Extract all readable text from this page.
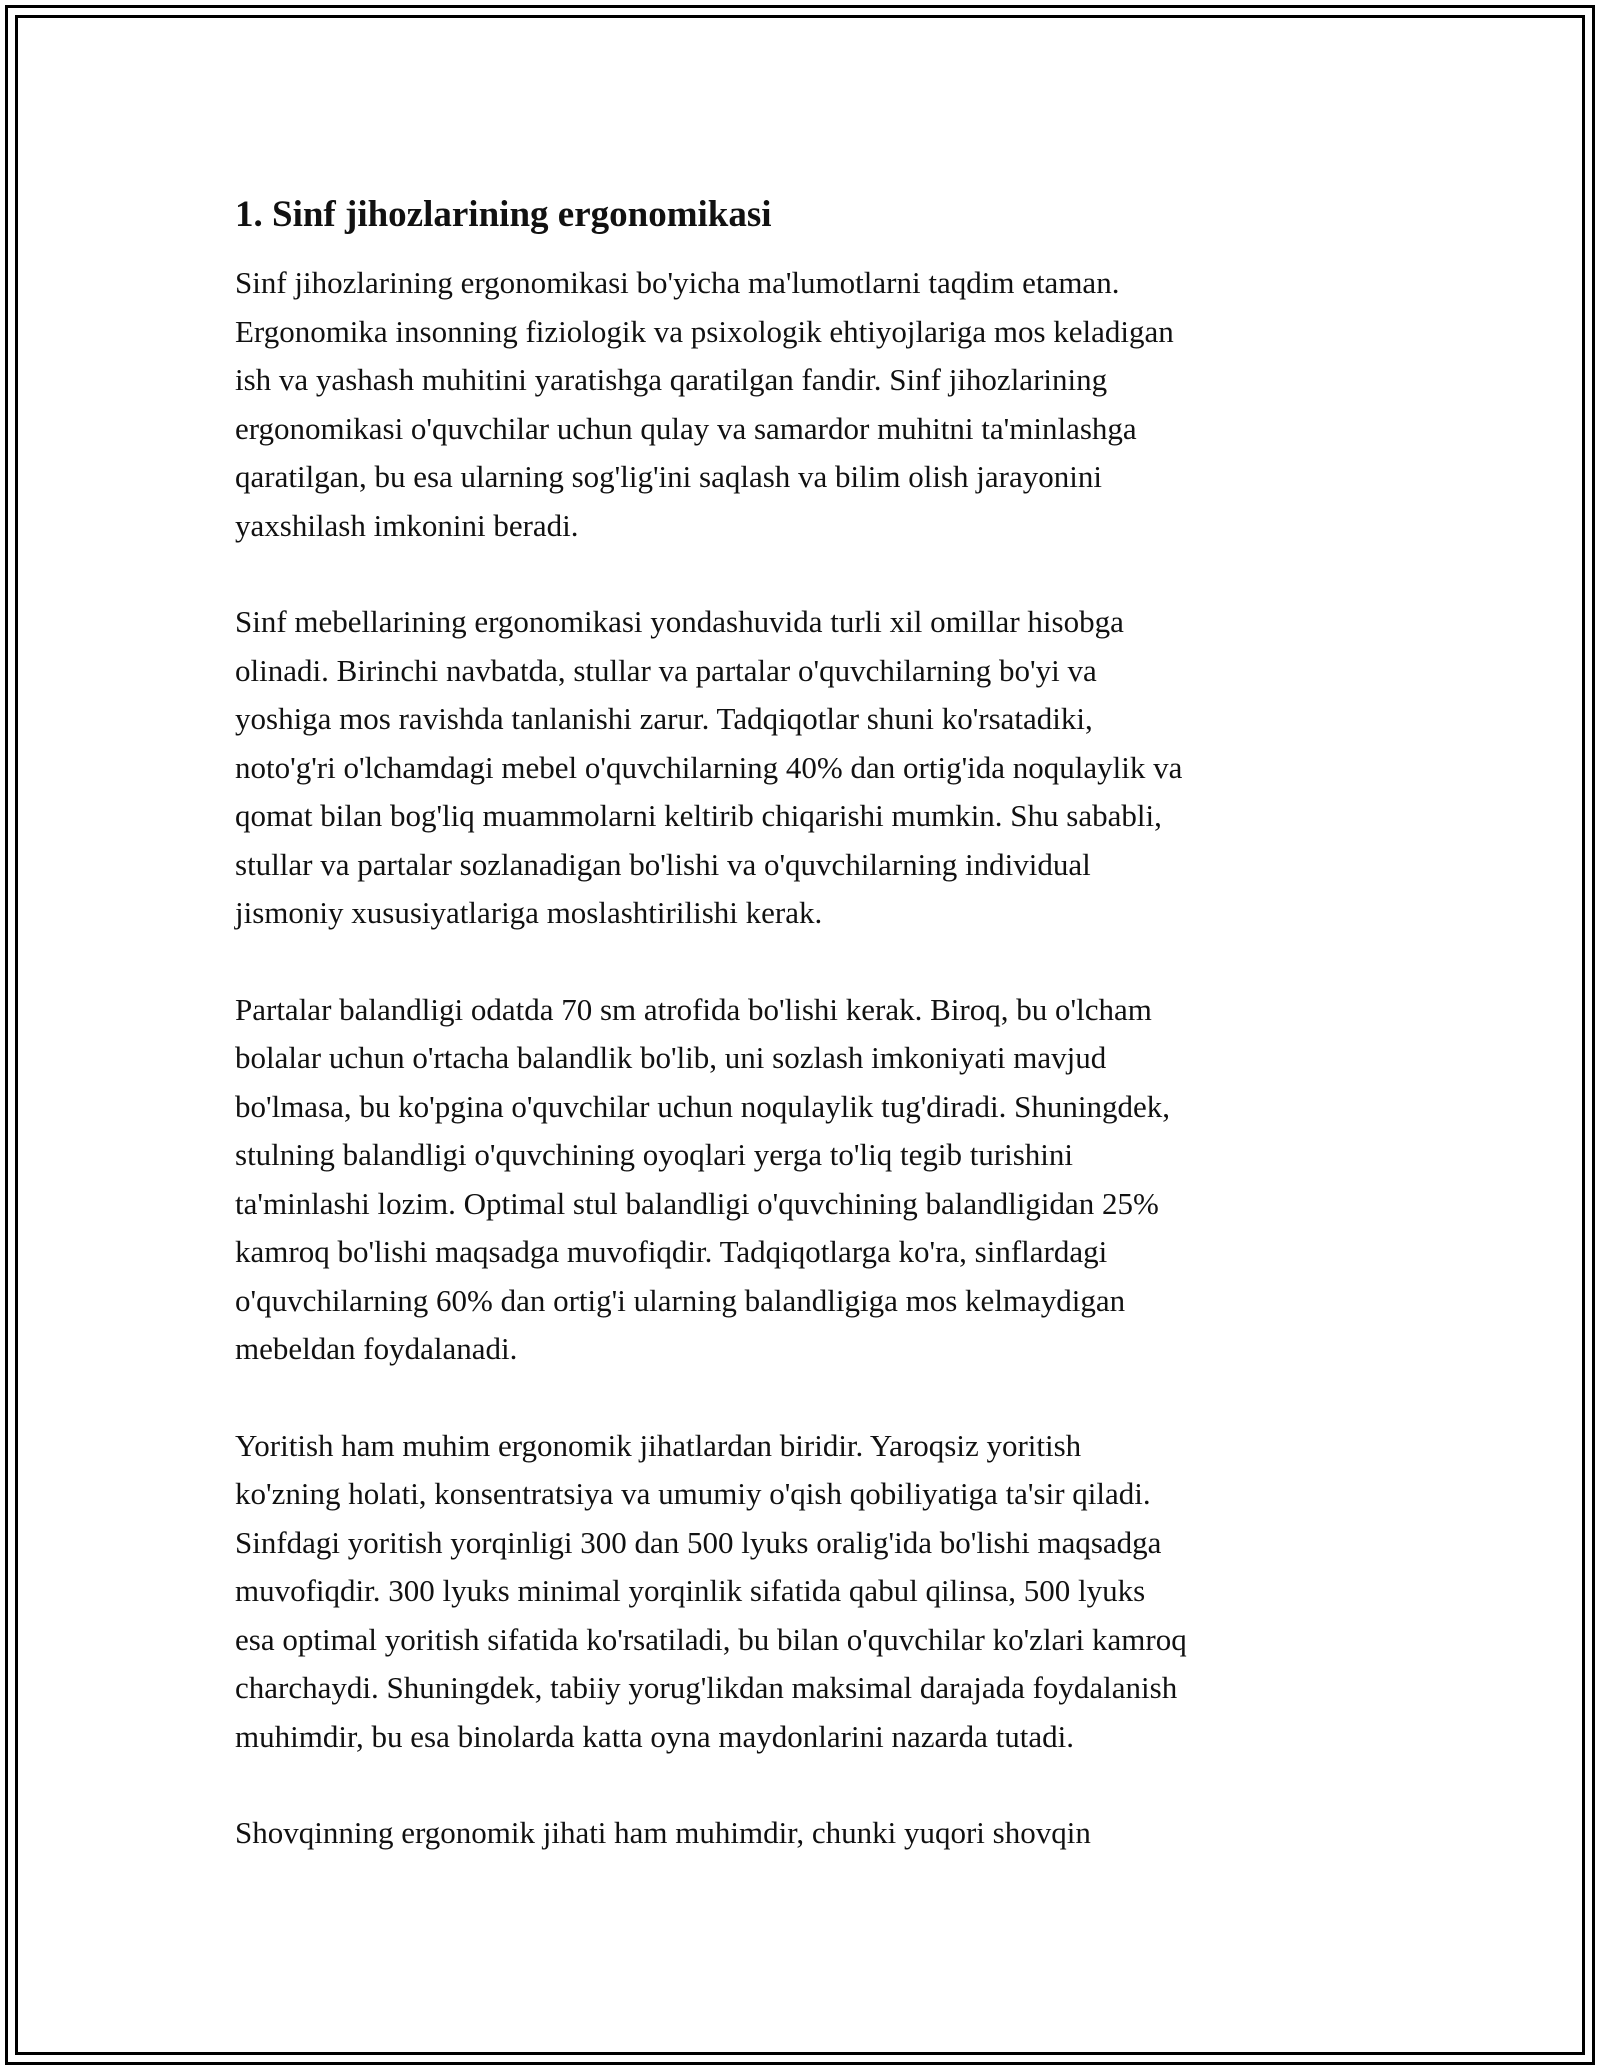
1. Sinf jihozlarining ergonomikasi
Sinf jihozlarining ergonomikasi bo'yicha ma'lumotlarni taqdim etaman.
Ergonomika insonning fiziologik va psixologik ehtiyojlariga mos keladigan
ish va yashash muhitini yaratishga qaratilgan fandir. Sinf jihozlarining
ergonomikasi o'quvchilar uchun qulay va samardor muhitni ta'minlashga
qaratilgan, bu esa ularning sog'lig'ini saqlash va bilim olish jarayonini
yaxshilash imkonini beradi.
Sinf mebellarining ergonomikasi yondashuvida turli xil omillar hisobga
olinadi. Birinchi navbatda, stullar va partalar o'quvchilarning bo'yi va
yoshiga mos ravishda tanlanishi zarur. Tadqiqotlar shuni ko'rsatadiki,
noto'g'ri o'lchamdagi mebel o'quvchilarning 40% dan ortig'ida noqulaylik va
qomat bilan bog'liq muammolarni keltirib chiqarishi mumkin. Shu sababli,
stullar va partalar sozlanadigan bo'lishi va o'quvchilarning individual
jismoniy xususiyatlariga moslashtirilishi kerak.
Partalar balandligi odatda 70 sm atrofida bo'lishi kerak. Biroq, bu o'lcham
bolalar uchun o'rtacha balandlik bo'lib, uni sozlash imkoniyati mavjud
bo'lmasa, bu ko'pgina o'quvchilar uchun noqulaylik tug'diradi. Shuningdek,
stulning balandligi o'quvchining oyoqlari yerga to'liq tegib turishini
ta'minlashi lozim. Optimal stul balandligi o'quvchining balandligidan 25%
kamroq bo'lishi maqsadga muvofiqdir. Tadqiqotlarga ko'ra, sinflardagi
o'quvchilarning 60% dan ortig'i ularning balandligiga mos kelmaydigan
mebeldan foydalanadi.
Yoritish ham muhim ergonomik jihatlardan biridir. Yaroqsiz yoritish
ko'zning holati, konsentratsiya va umumiy o'qish qobiliyatiga ta'sir qiladi.
Sinfdagi yoritish yorqinligi 300 dan 500 lyuks oralig'ida bo'lishi maqsadga
muvofiqdir. 300 lyuks minimal yorqinlik sifatida qabul qilinsa, 500 lyuks
esa optimal yoritish sifatida ko'rsatiladi, bu bilan o'quvchilar ko'zlari kamroq
charchaydi. Shuningdek, tabiiy yorug'likdan maksimal darajada foydalanish
muhimdir, bu esa binolarda katta oyna maydonlarini nazarda tutadi.
Shovqinning ergonomik jihati ham muhimdir, chunki yuqori shovqin
